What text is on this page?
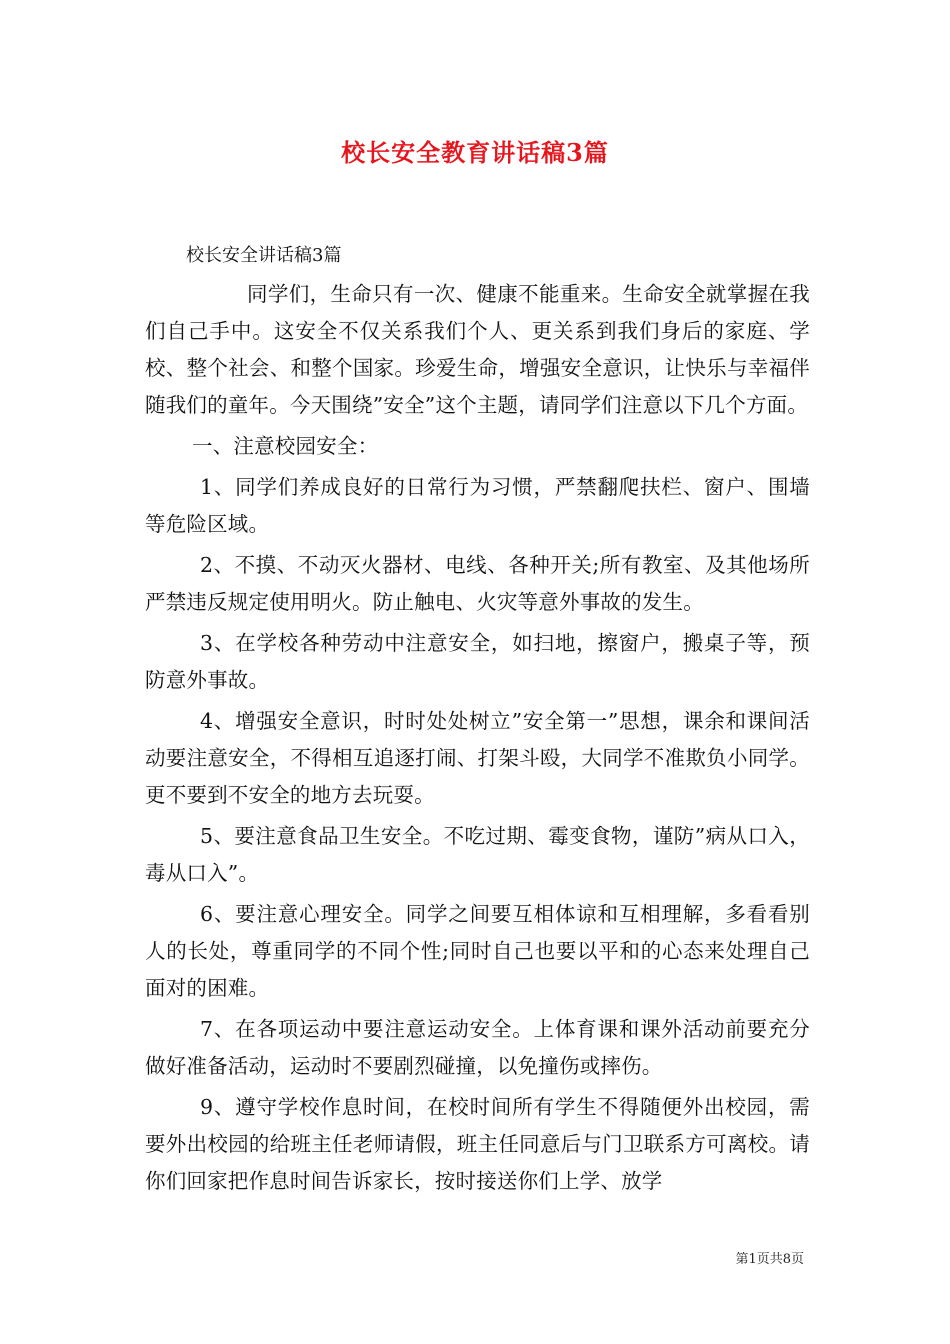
校长安全教育讲话稿3篇
校长安全讲话稿3篇

同学们，生命只有一次、健康不能重来。生命安全就掌握在我们自己手中。这安全不仅关系我们个人、更关系到我们身后的家庭、学校、整个社会、和整个国家。珍爱生命，增强安全意识，让快乐与幸福伴随我们的童年。今天围绕”安全”这个主题，请同学们注意以下几个方面。

一、注意校园安全：

1、同学们养成良好的日常行为习惯，严禁翻爬扶栏、窗户、围墙等危险区域。

2、不摸、不动灭火器材、电线、各种开关;所有教室、及其他场所严禁违反规定使用明火。防止触电、火灾等意外事故的发生。

3、在学校各种劳动中注意安全，如扫地，擦窗户，搬桌子等，预防意外事故。

4、增强安全意识，时时处处树立”安全第一”思想，课余和课间活动要注意安全，不得相互追逐打闹、打架斗殴，大同学不准欺负小同学。更不要到不安全的地方去玩耍。

5、要注意食品卫生安全。不吃过期、霉变食物，谨防”病从口入，毒从口入”。

6、要注意心理安全。同学之间要互相体谅和互相理解，多看看别人的长处，尊重同学的不同个性;同时自己也要以平和的心态来处理自己面对的困难。

7、在各项运动中要注意运动安全。上体育课和课外活动前要充分做好准备活动，运动时不要剧烈碰撞，以免撞伤或摔伤。

9、遵守学校作息时间，在校时间所有学生不得随便外出校园，需要外出校园的给班主任老师请假，班主任同意后与门卫联系方可离校。请你们回家把作息时间告诉家长，按时接送你们上学、放学

第1页共8页
